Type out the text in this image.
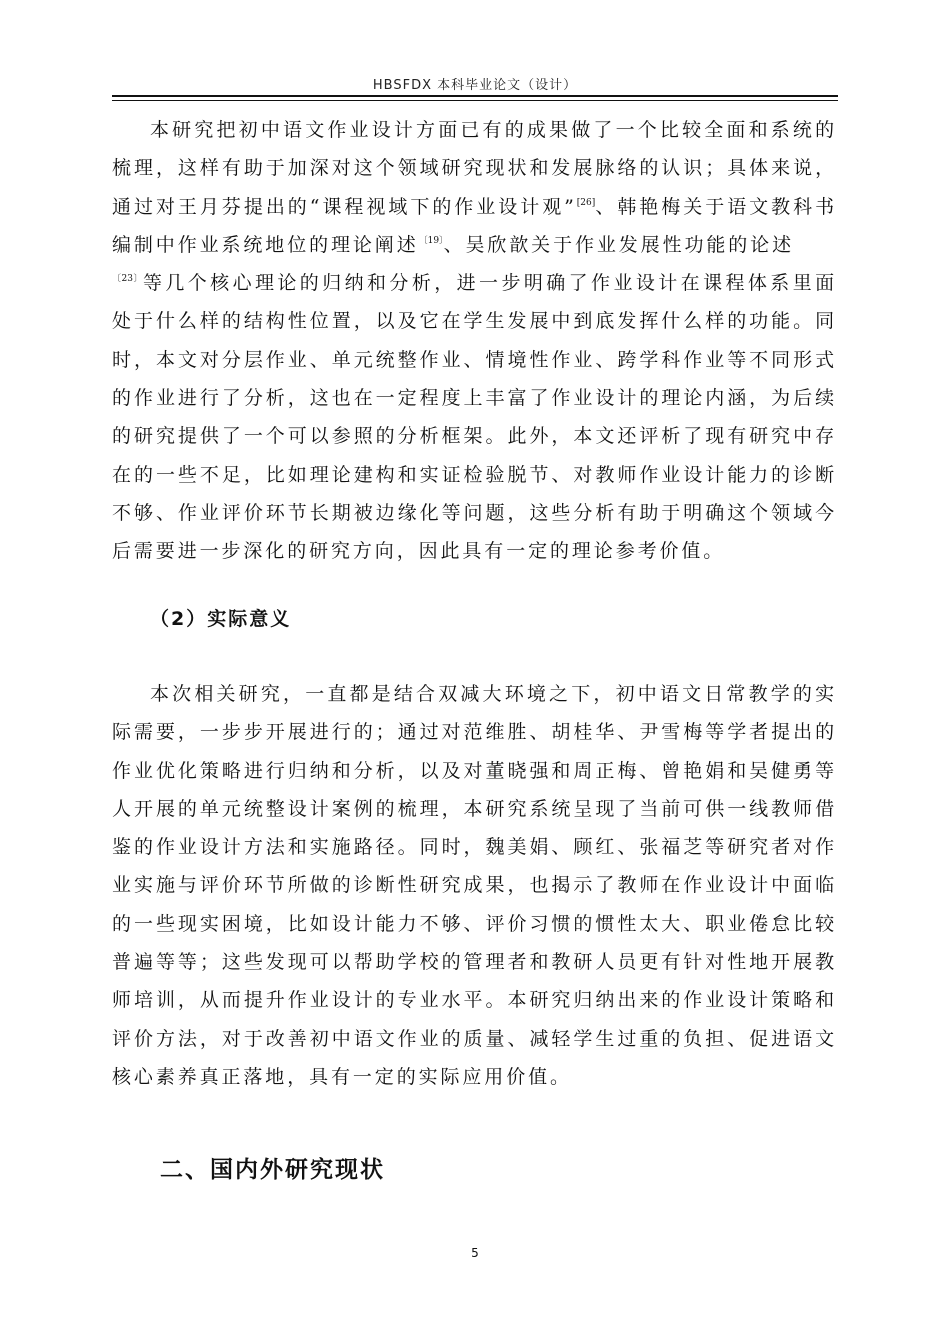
HBSFDX 本科毕业论文（设计）

本研究把初中语文作业设计方面已有的成果做了一个比较全面和系统的梳理，这样有助于加深对这个领域研究现状和发展脉络的认识；具体来说，通过对王月芬提出的“课程视域下的作业设计观”[26]、韩艳梅关于语文教科书编制中作业系统地位的理论阐述$^{〔19〕}$、吴欣歆关于作业发展性功能的论述
$^{〔23〕}$等几个核心理论的归纳和分析，进一步明确了作业设计在课程体系里面处于什么样的结构性位置，以及它在学生发展中到底发挥什么样的功能。同时，本文对分层作业、单元统整作业、情境性作业、跨学科作业等不同形式的作业进行了分析，这也在一定程度上丰富了作业设计的理论内涵，为后续的研究提供了一个可以参照的分析框架。此外，本文还评析了现有研究中存在的一些不足，比如理论建构和实证检验脱节、对教师作业设计能力的诊断不够、作业评价环节长期被边缘化等问题，这些分析有助于明确这个领域今后需要进一步深化的研究方向，因此具有一定的理论参考价值。

（2）实际意义

本次相关研究，一直都是结合双减大环境之下，初中语文日常教学的实际需要，一步步开展进行的；通过对范维胜、胡桂华、尹雪梅等学者提出的作业优化策略进行归纳和分析，以及对董晓强和周正梅、曾艳娟和吴健勇等人开展的单元统整设计案例的梳理，本研究系统呈现了当前可供一线教师借鉴的作业设计方法和实施路径。同时，魏美娟、顾红、张福芝等研究者对作业实施与评价环节所做的诊断性研究成果，也揭示了教师在作业设计中面临的一些现实困境，比如设计能力不够、评价习惯的惯性太大、职业倦怠比较普遍等等；这些发现可以帮助学校的管理者和教研人员更有针对性地开展教师培训，从而提升作业设计的专业水平。本研究归纳出来的作业设计策略和评价方法，对于改善初中语文作业的质量、减轻学生过重的负担、促进语文核心素养真正落地，具有一定的实际应用价值。

二、国内外研究现状
5
